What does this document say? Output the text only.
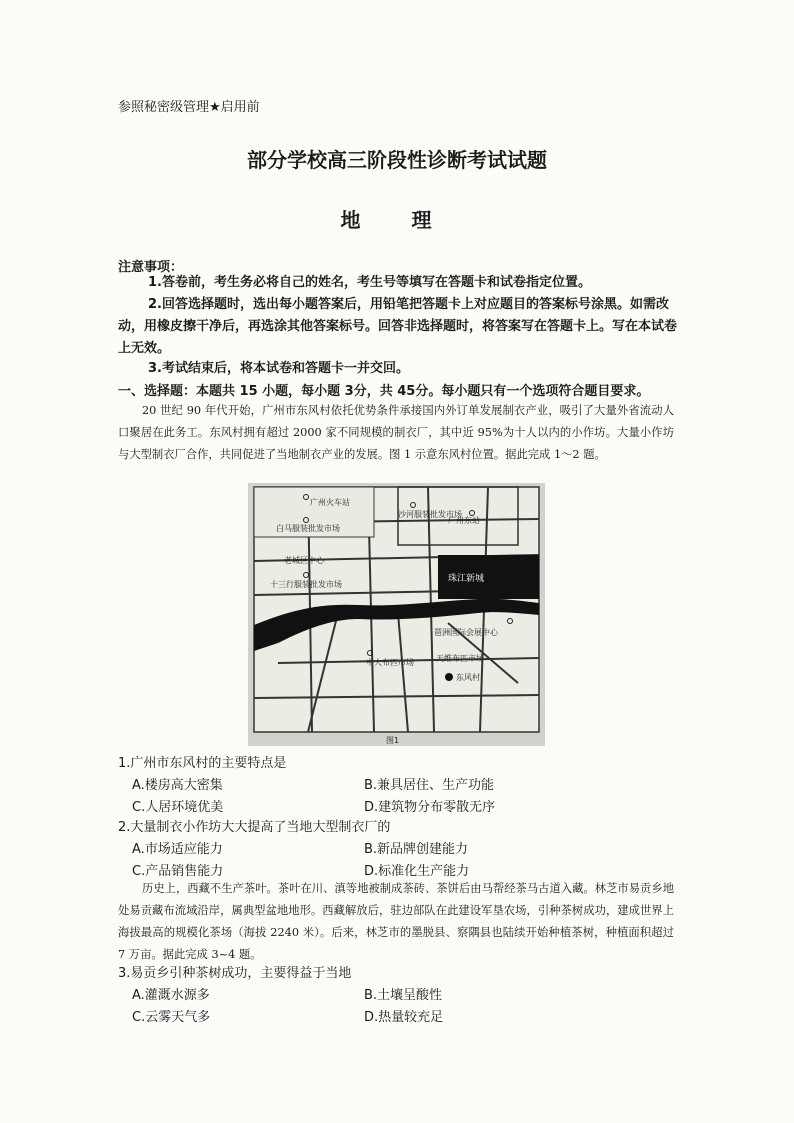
参照秘密级管理★启用前
部分学校高三阶段性诊断考试试题
地 理
注意事项：
1.答卷前，考生务必将自己的姓名，考生号等填写在答题卡和试卷指定位置。
2.回答选择题时，选出每小题答案后，用铅笔把答题卡上对应题目的答案标号涂黑。如需改动，用橡皮擦干净后，再选涂其他答案标号。回答非选择题时，将答案写在答题卡上。写在本试卷上无效。
3.考试结束后，将本试卷和答题卡一并交回。
一、选择题：本题共 15 小题，每小题 3分，共 45分。每小题只有一个选项符合题目要求。
20 世纪 90 年代开始，广州市东风村依托优势条件承接国内外订单发展制衣产业，吸引了大量外省流动人口聚居在此务工。东风村拥有超过 2000 家不同规模的制衣厂，其中近 95%为十人以内的小作坊。大量小作坊与大型制衣厂合作，共同促进了当地制衣产业的发展。图 1 示意东风村位置。据此完成 1～2 题。
广州火车站
白马服装批发市场
沙河服装批发市场
广州东站
老城区中心
十三行服装批发市场
珠江新城
琶洲国际会展中心
中大布匹市场	天维布匹市场
东风村
图1
1.广州市东风村的主要特点是
A.楼房高大密集	B.兼具居住、生产功能
C.人居环境优美	D.建筑物分布零散无序
2.大量制衣小作坊大大提高了当地大型制衣厂的
A.市场适应能力	B.新品牌创建能力
C.产品销售能力	D.标准化生产能力
历史上，西藏不生产茶叶。茶叶在川、滇等地被制成茶砖、茶饼后由马帮经茶马古道入藏。林芝市易贡乡地处易贡藏布流域沿岸，属典型盆地地形。西藏解放后，驻边部队在此建设军垦农场，引种茶树成功，建成世界上海拔最高的规模化茶场（海拔 2240 米）。后来，林芝市的墨脱县、察隅县也陆续开始种植茶树，种植面积超过 7 万亩。据此完成 3~4 题。
3.易贡乡引种茶树成功，主要得益于当地
A.灌溉水源多	B.土壤呈酸性
C.云雾天气多	D.热量较充足
